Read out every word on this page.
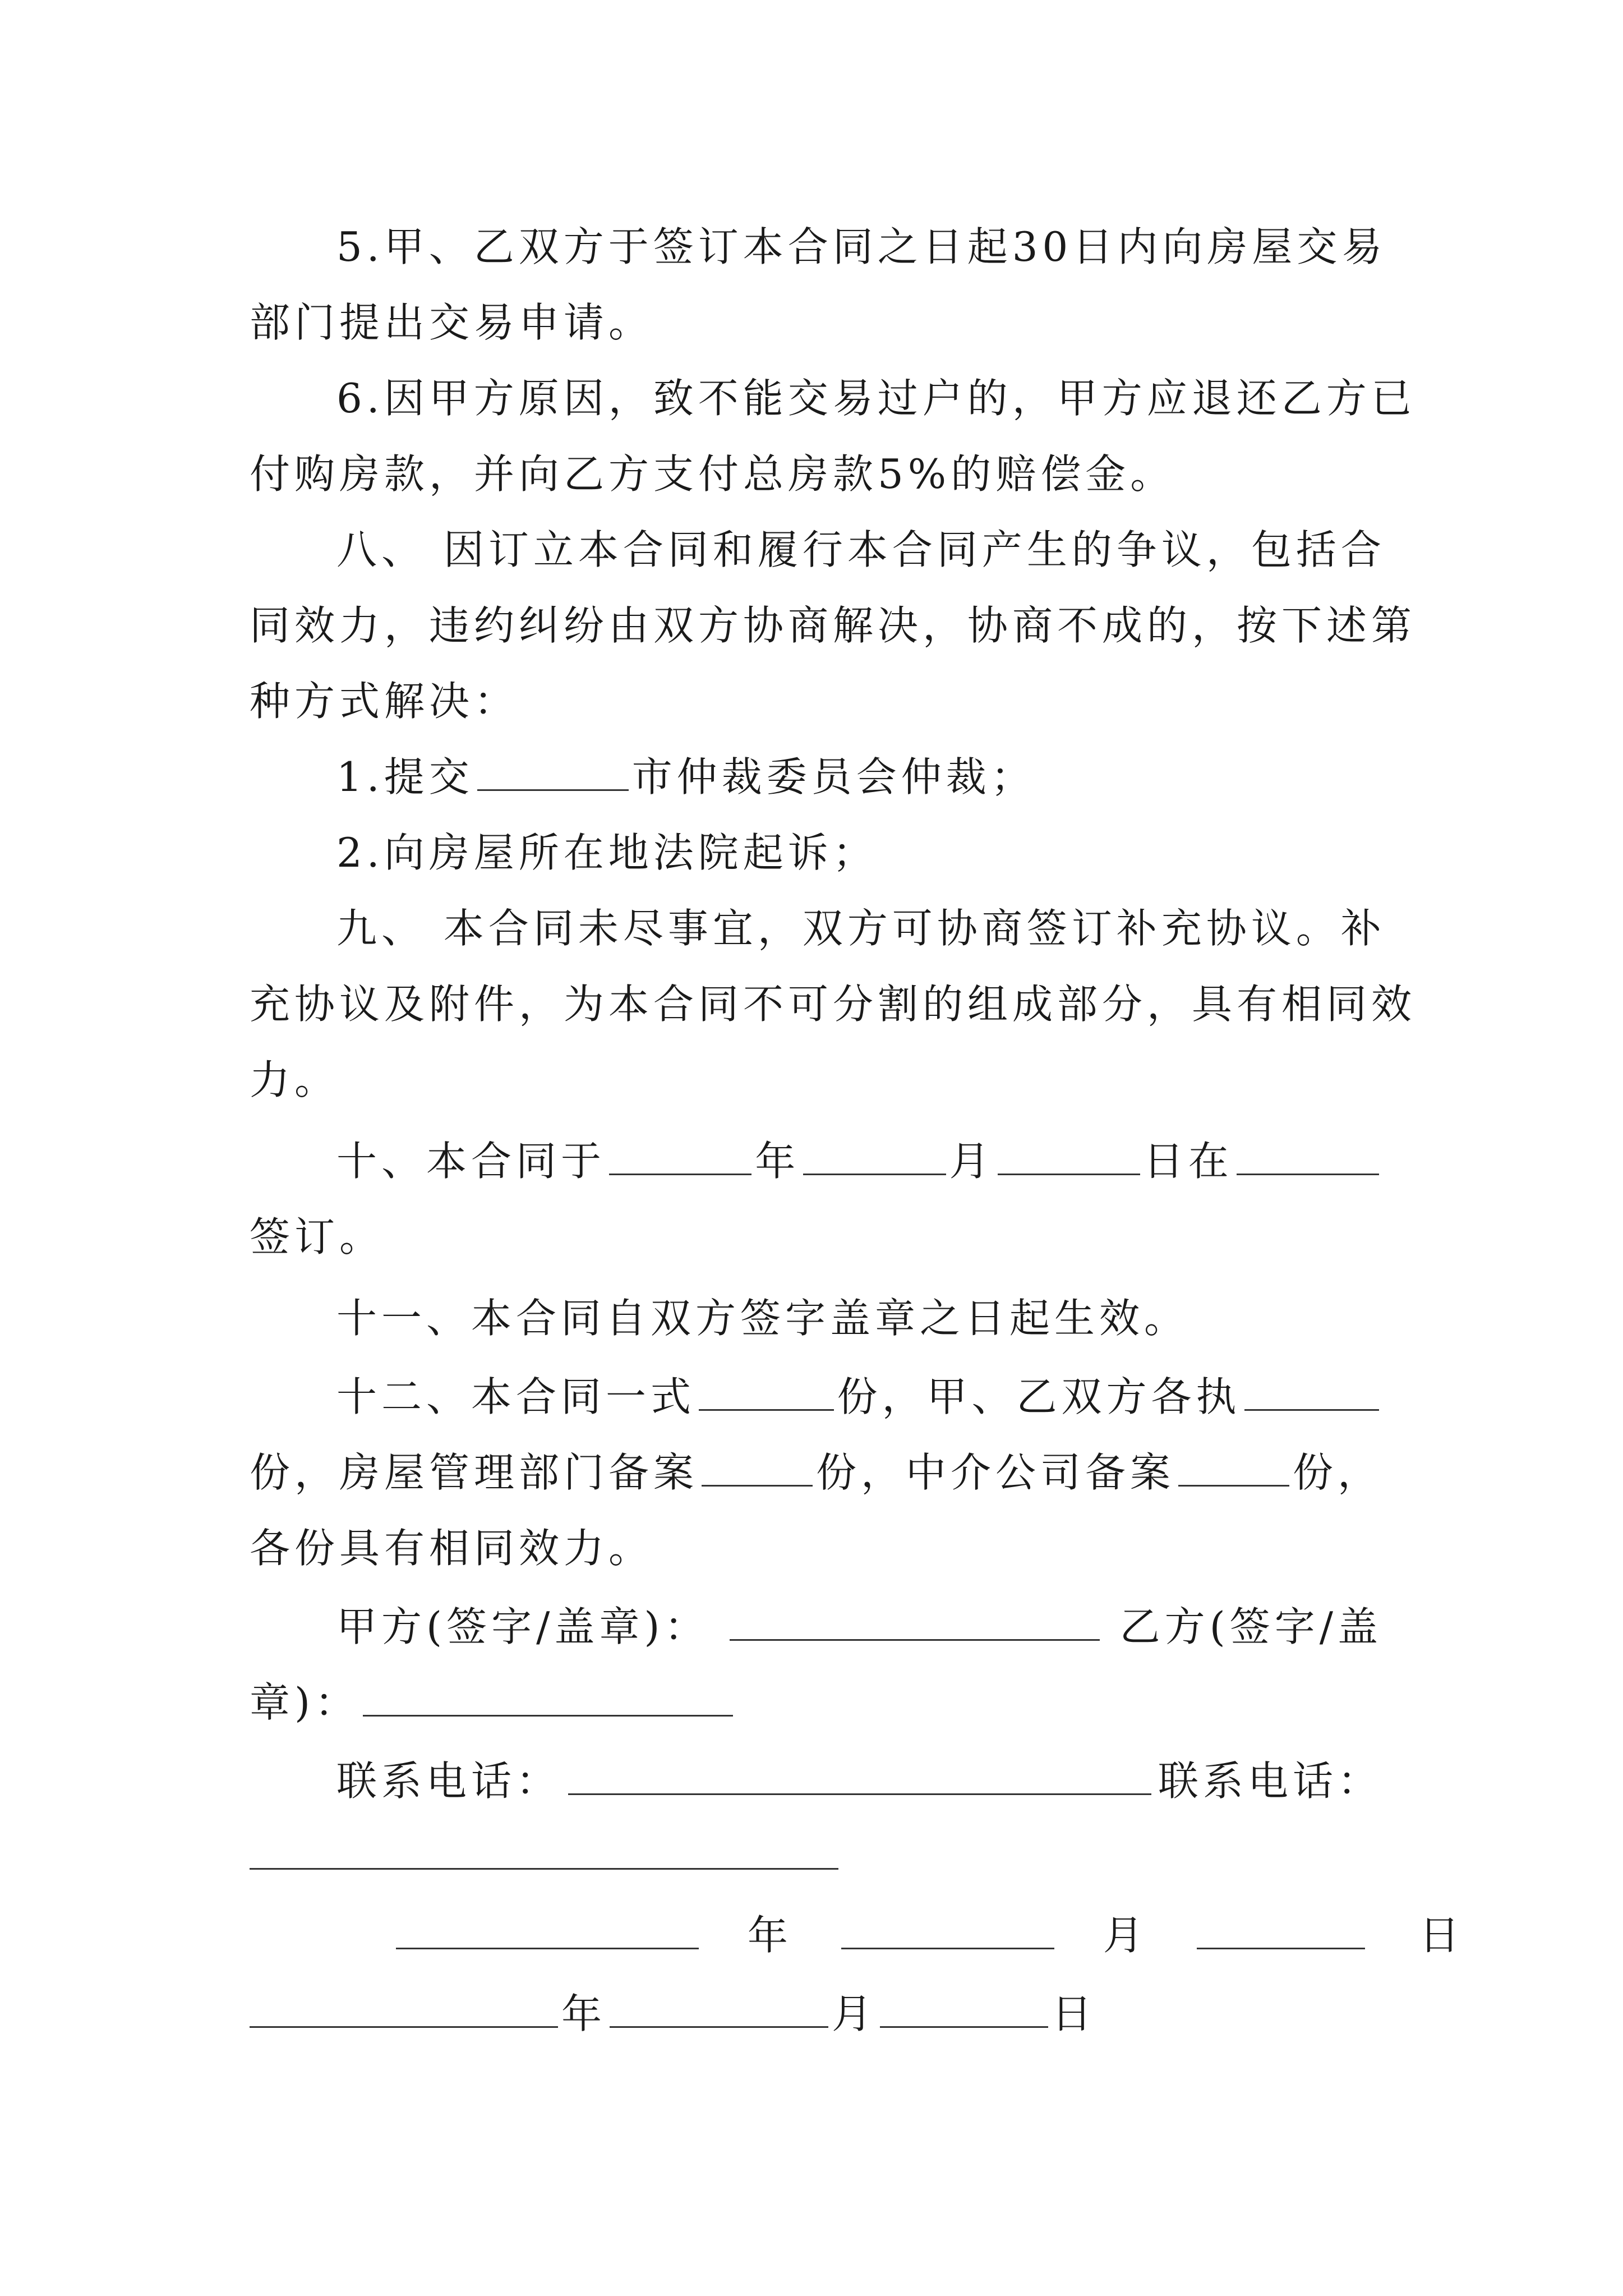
5.甲、乙双方于签订本合同之日起30日内向房屋交易
部门提出交易申请。
6.因甲方原因，致不能交易过户的，甲方应退还乙方已
付购房款，并向乙方支付总房款5%的赔偿金。
八、 因订立本合同和履行本合同产生的争议，包括合
同效力，违约纠纷由双方协商解决，协商不成的，按下述第
种方式解决：
1.提交	市仲裁委员会仲裁；
2.向房屋所在地法院起诉；
九、 本合同未尽事宜，双方可协商签订补充协议。补
充协议及附件，为本合同不可分割的组成部分，具有相同效
力。
十、本合同于	年	月	日在
签订。
十一、本合同自双方签字盖章之日起生效。
十二、本合同一式	份，甲、乙双方各执
份，房屋管理部门备案	份，中介公司备案	份，
各份具有相同效力。
甲方(签字/盖章)：	乙方(签字/盖
章)：
联系电话：	联系电话：
年	月	日
年	月	日
